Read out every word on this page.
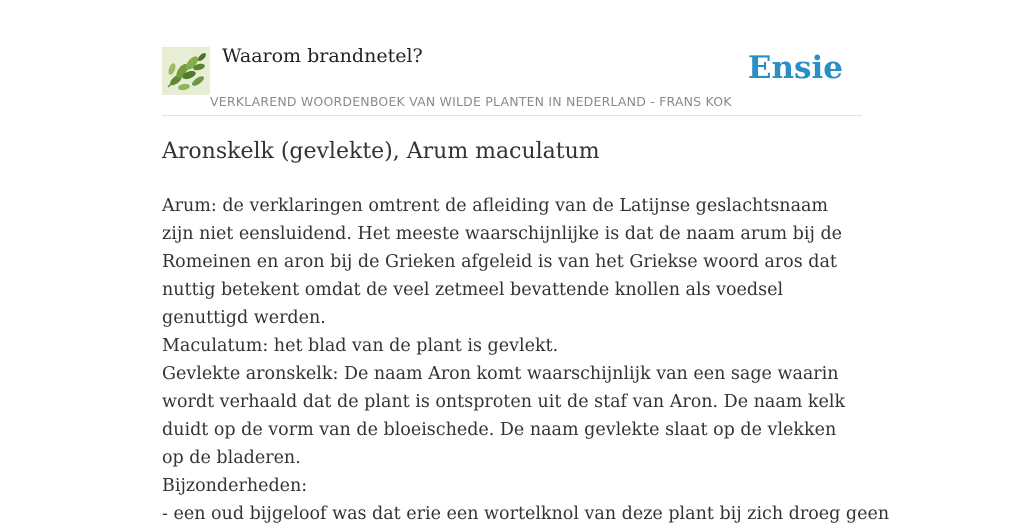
Waarom brandnetel?	Ensie
VERKLAREND WOORDENBOEK VAN WILDE PLANTEN IN NEDERLAND - FRANS KOK
Aronskelk (gevlekte), Arum maculatum

Arum: de verklaringen omtrent de afleiding van de Latijnse geslachtsnaam zijn niet eensluidend. Het meeste waarschijnlijke is dat de naam arum bij de Romeinen en aron bij de Grieken afgeleid is van het Griekse woord aros dat nuttig betekent omdat de veel zetmeel bevattende knollen als voedsel genuttigd werden.

Maculatum: het blad van de plant is gevlekt.

Gevlekte aronskelk: De naam Aron komt waarschijnlijk van een sage waarin wordt verhaald dat de plant is ontsproten uit de staf van Aron. De naam kelk duidt op de vorm van de bloeischede. De naam gevlekte slaat op de vlekken op de bladeren.

Bijzonderheden:

- een oud bijgeloof was dat erie een wortelknol van deze plant bij zich droeg geen
